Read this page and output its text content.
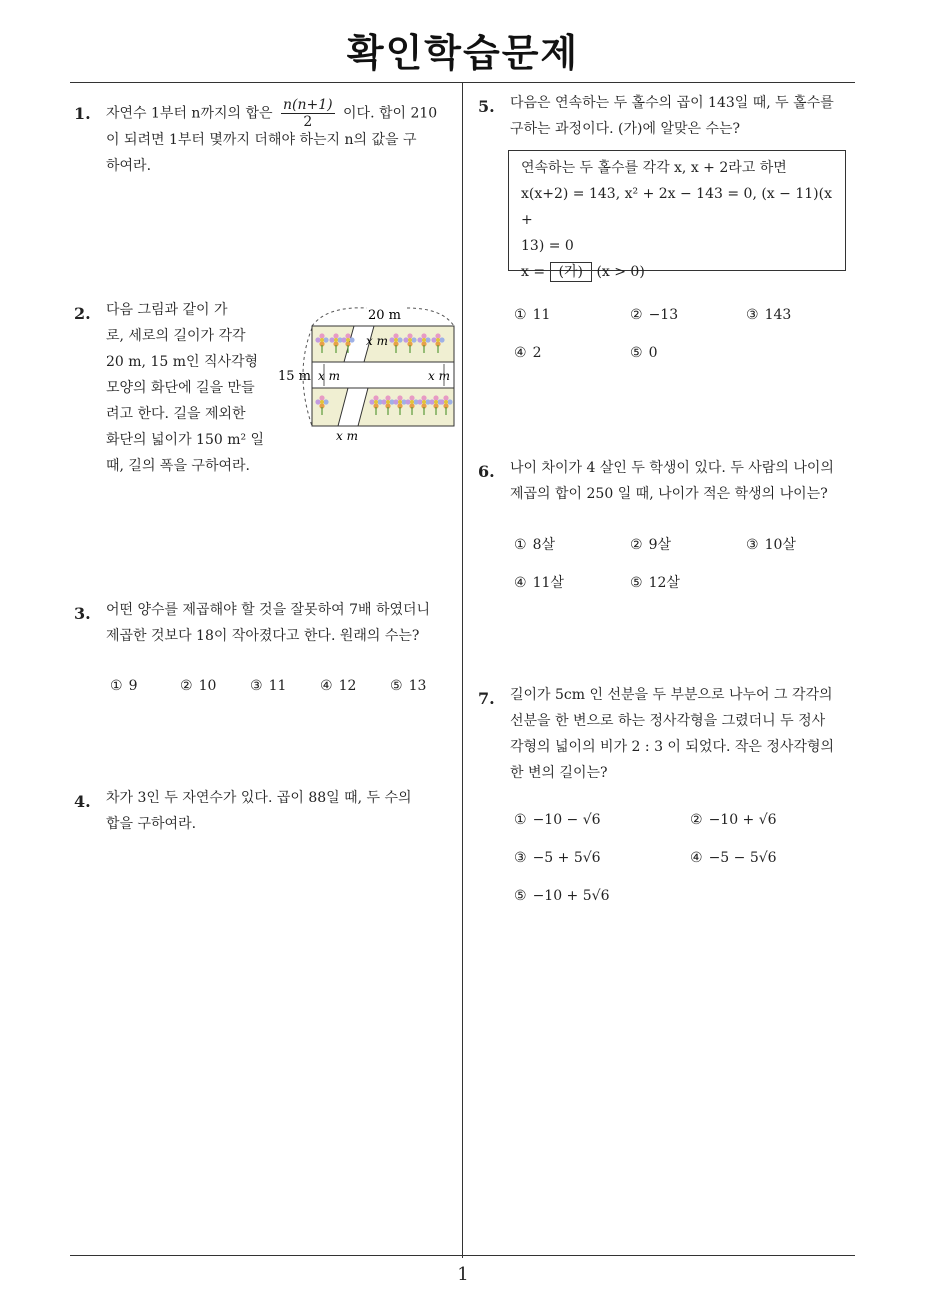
확인학습문제
1
1. 자연수 1부터 n까지의 합은 $\frac{n(n+1)}{2}$ 이다. 합이 210
이 되려면 1부터 몇까지 더해야 하는지 n의 값을 구
하여라.
2. 다음 그림과 같이 가
로, 세로의 길이가 각각
20 m, 15 m인 직사각형
모양의 화단에 길을 만들
려고 한다. 길을 제외한
화단의 넓이가 150 m² 일
때, 길의 폭을 구하여라.
20 m
15 m
x m
x m	x m
x m
3. 어떤 양수를 제곱해야 할 것을 잘못하여 7배 하였더니
제곱한 것보다 18이 작아졌다고 한다. 원래의 수는?
① 9	② 10 ③ 11 ④ 12 ⑤ 13
4. 차가 3인 두 자연수가 있다. 곱이 88일 때, 두 수의
합을 구하여라.
5. 다음은 연속하는 두 홀수의 곱이 143일 때, 두 홀수를
구하는 과정이다. (가)에 알맞은 수는?
연속하는 두 홀수를 각각 x, x + 2라고 하면
x(x+2) = 143, x² + 2x − 143 = 0, (x − 11)(x +
13) = 0
x = (가) (x > 0)
① 11	② −13	③ 143
④ 2	⑤ 0
6. 나이 차이가 4 살인 두 학생이 있다. 두 사람의 나이의
제곱의 합이 250 일 때, 나이가 적은 학생의 나이는?
① 8살	② 9살	③ 10살
④ 11살	⑤ 12살
7. 길이가 5cm 인 선분을 두 부분으로 나누어 그 각각의
선분을 한 변으로 하는 정사각형을 그렸더니 두 정사
각형의 넓이의 비가 2 : 3 이 되었다. 작은 정사각형의
한 변의 길이는?
① −10 − √6	② −10 + √6
③ −5 + 5√6	④ −5 − 5√6
⑤ −10 + 5√6
